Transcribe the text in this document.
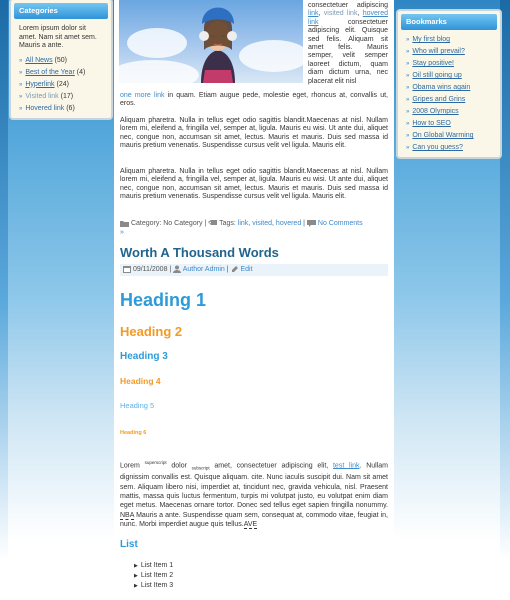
Categories
Lorem ipsum dolor sit amet. Nam sit amet sem. Mauris a ante.
» All News (50)
» Best of the Year (4)
» Hyperlink (24)
» Visited link (17)
» Hovered link (6)
Bookmarks
» My first blog
» Who will prevail?
» Stay positive!
» Oil still going up
» Obama wins again
» Gripes and Grins
» 2008 Olympics
» How to SEO
» On Global Warming
» Can you guess?
consectetuer adipiscing link, visited link, hovered link consectetuer adipiscing elit. Quisque sed felis. Aliquam sit amet felis. Mauris semper, velit semper laoreet dictum, quam diam dictum urna, nec placerat elit nisl
one more link in quam. Etiam augue pede, molestie eget, rhoncus at, convallis ut, eros.
Aliquam pharetra. Nulla in tellus eget odio sagittis blandit.Maecenas at nisl. Nullam lorem mi, eleifend a, fringilla vel, semper at, ligula. Mauris eu wisi. Ut ante dui, aliquet nec, congue non, accumsan sit amet, lectus. Mauris et mauris. Duis sed massa id mauris pretium venenatis. Suspendisse cursus velit vel ligula. Mauris elit.
Aliquam pharetra. Nulla in tellus eget odio sagittis blandit.Maecenas at nisl. Nullam lorem mi, eleifend a, fringilla vel, semper at, ligula. Mauris eu wisi. Ut ante dui, aliquet nec, congue non, accumsan sit amet, lectus. Mauris et mauris. Duis sed massa id mauris pretium venenatis. Suspendisse cursus velit vel ligula. Mauris elit.
Category: No Category |  Tags: link, visited, hovered |  No Comments
»
Worth A Thousand Words
09/11/2008 |  Author Admin |  Edit
Heading 1
Heading 2
Heading 3
Heading 4
Heading 5
Heading 6
Lorem $^{superscript}$ dolor $_{subscript}$ amet, consectetuer adipiscing elit, test link. Nullam dignissim convallis est. Quisque aliquam. cite. Nunc iaculis suscipit dui. Nam sit amet sem. Aliquam libero nisi, imperdiet at, tincidunt nec, gravida vehicula, nisl. Praesent mattis, massa quis luctus fermentum, turpis mi volutpat justo, eu volutpat enim diam eget metus. Maecenas ornare tortor. Donec sed tellus eget sapien fringilla nonummy. NBA Mauris a ante. Suspendisse quam sem, consequat at, commodo vitae, feugiat in, nunc. Morbi imperdiet augue quis tellus.AVE
List
▶ List Item 1
▶ List Item 2
▶ List Item 3
